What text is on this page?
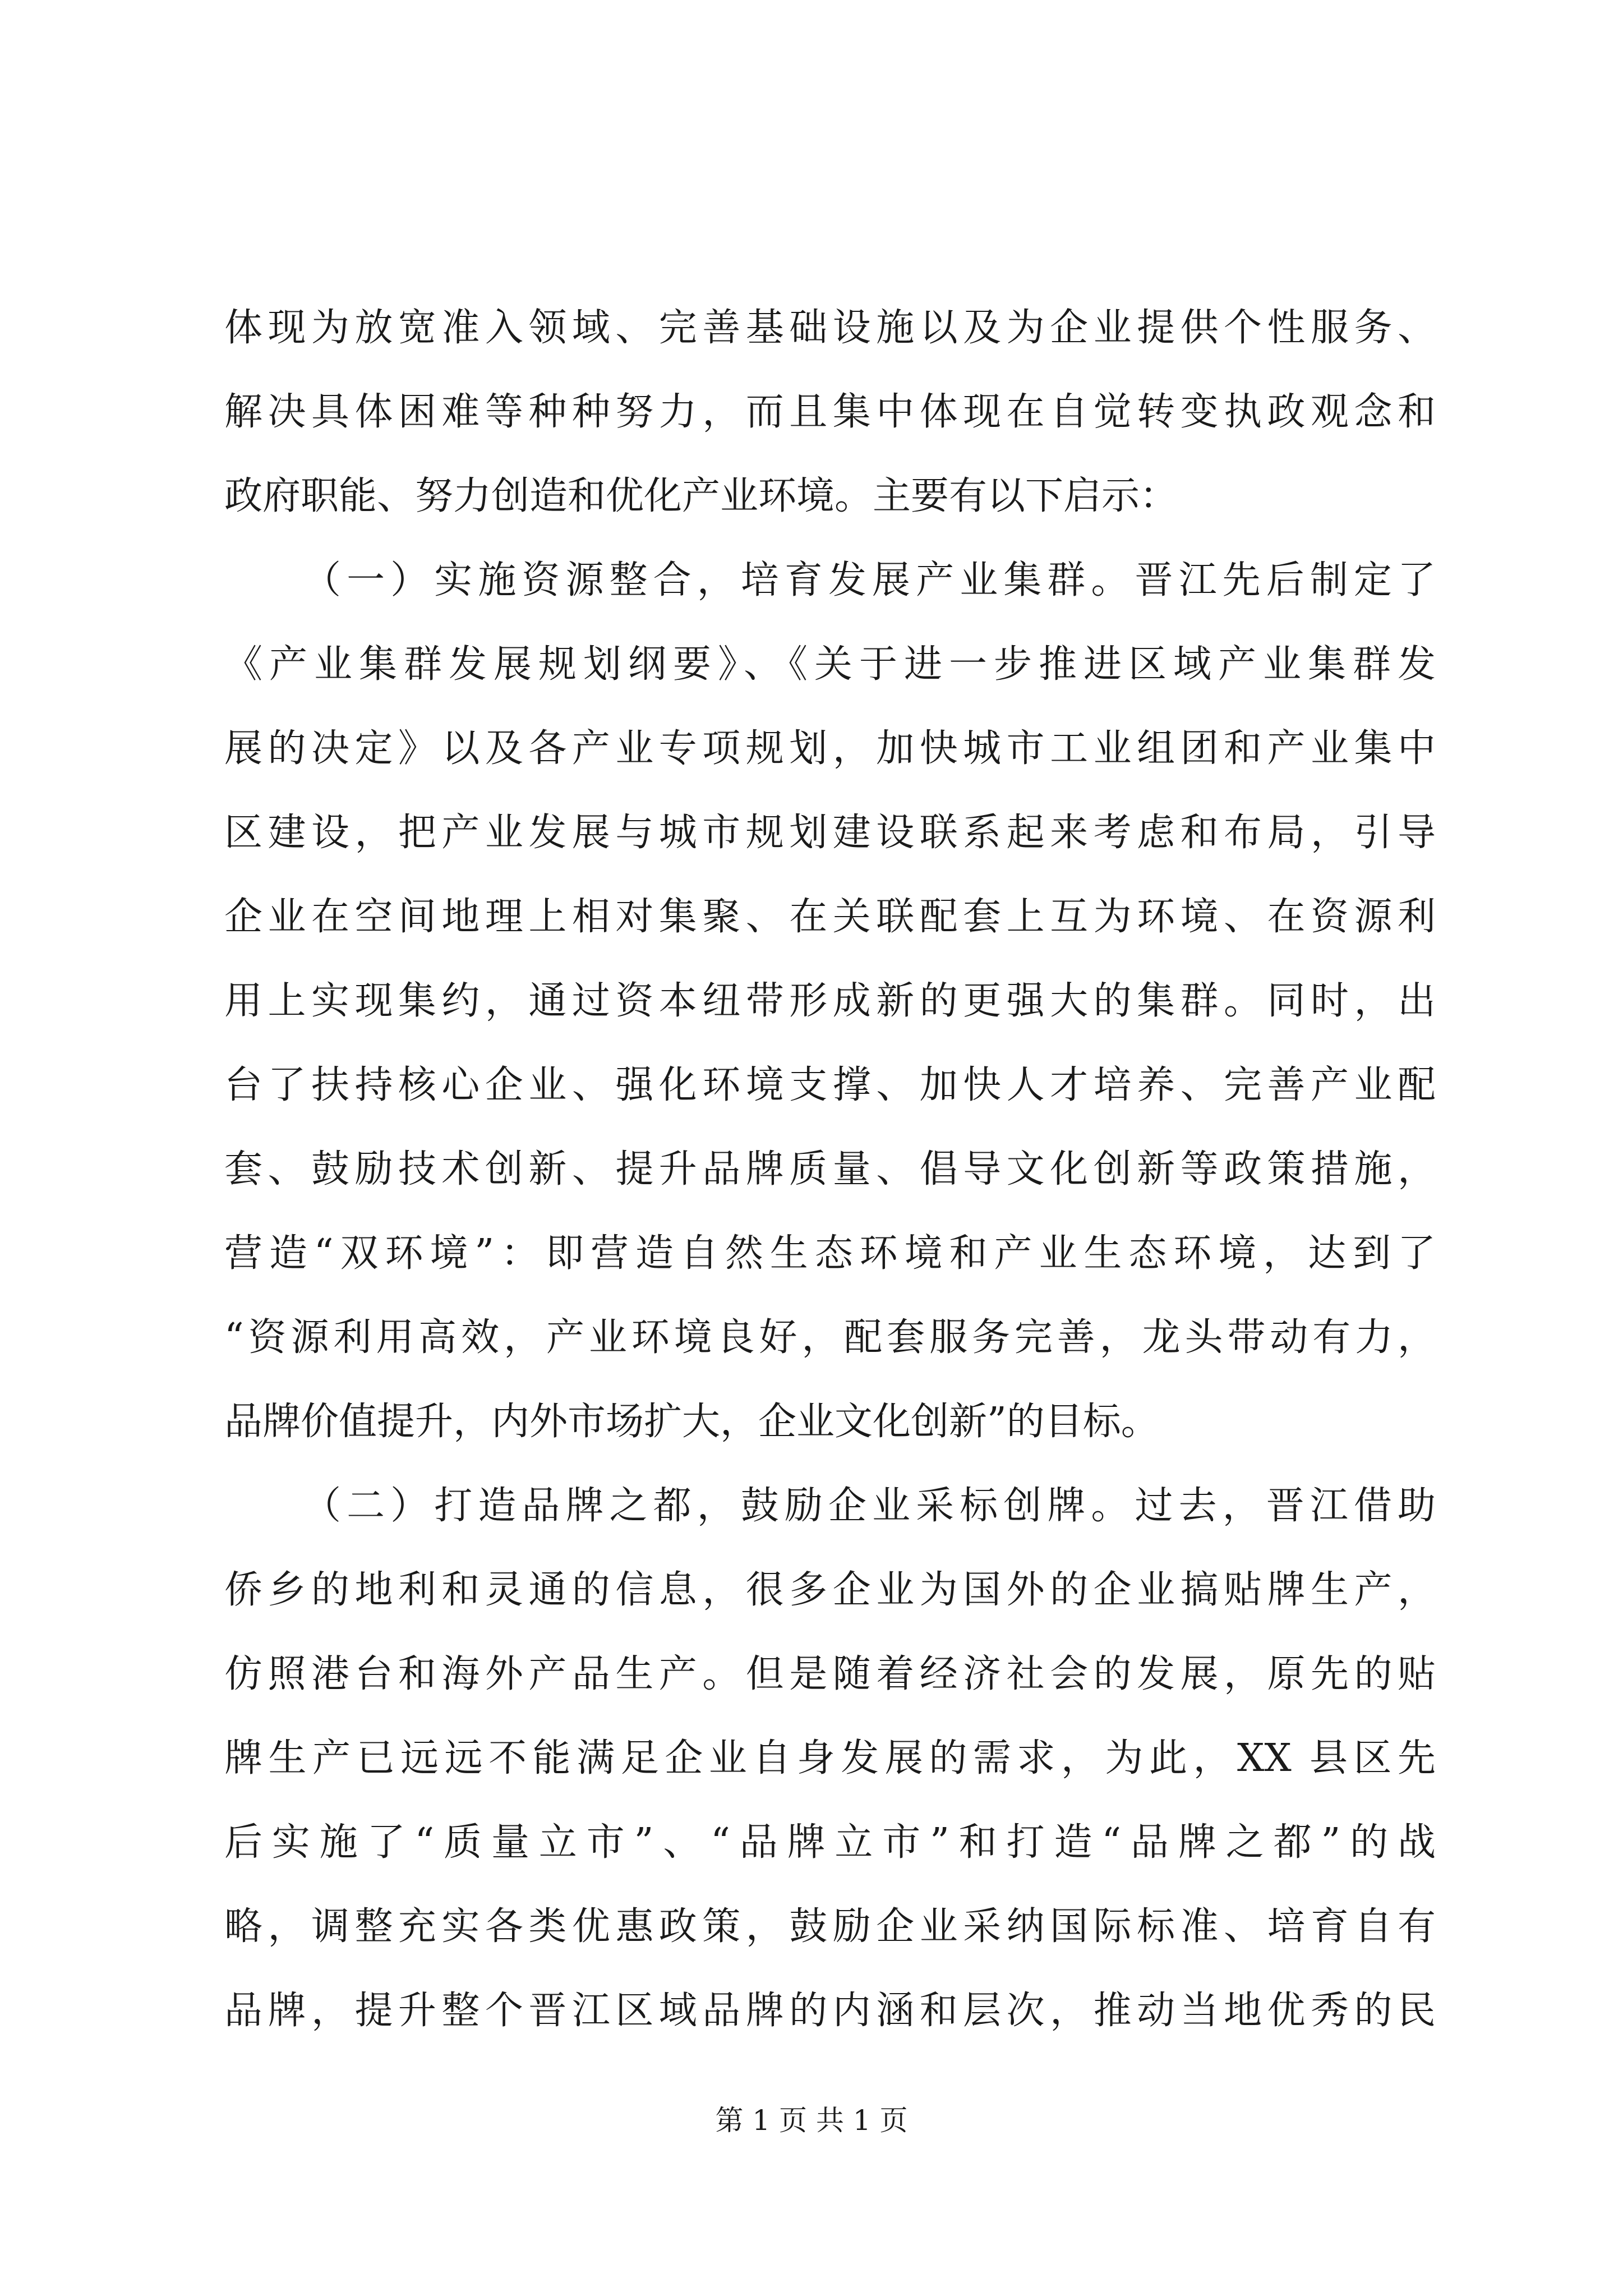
体现为放宽准入领域、完善基础设施以及为企业提供个性服务、
解决具体困难等种种努力，而且集中体现在自觉转变执政观念和
政府职能、努力创造和优化产业环境。主要有以下启示：
（一）实施资源整合，培育发展产业集群。晋江先后制定了
《产业集群发展规划纲要》、《关于进一步推进区域产业集群发
展的决定》以及各产业专项规划，加快城市工业组团和产业集中
区建设，把产业发展与城市规划建设联系起来考虑和布局，引导
企业在空间地理上相对集聚、在关联配套上互为环境、在资源利
用上实现集约，通过资本纽带形成新的更强大的集群。同时，出
台了扶持核心企业、强化环境支撑、加快人才培养、完善产业配
套、鼓励技术创新、提升品牌质量、倡导文化创新等政策措施，
营造“双环境”：即营造自然生态环境和产业生态环境，达到了
“资源利用高效，产业环境良好，配套服务完善，龙头带动有力，
品牌价值提升，内外市场扩大，企业文化创新”的目标。
（二）打造品牌之都，鼓励企业采标创牌。过去，晋江借助
侨乡的地利和灵通的信息，很多企业为国外的企业搞贴牌生产，
仿照港台和海外产品生产。但是随着经济社会的发展，原先的贴
牌生产已远远不能满足企业自身发展的需求，为此，XX 县区先
后实施了“质量立市”、“品牌立市”和打造“品牌之都”的战
略，调整充实各类优惠政策，鼓励企业采纳国际标准、培育自有
品牌，提升整个晋江区域品牌的内涵和层次，推动当地优秀的民
第 1 页 共 1 页
